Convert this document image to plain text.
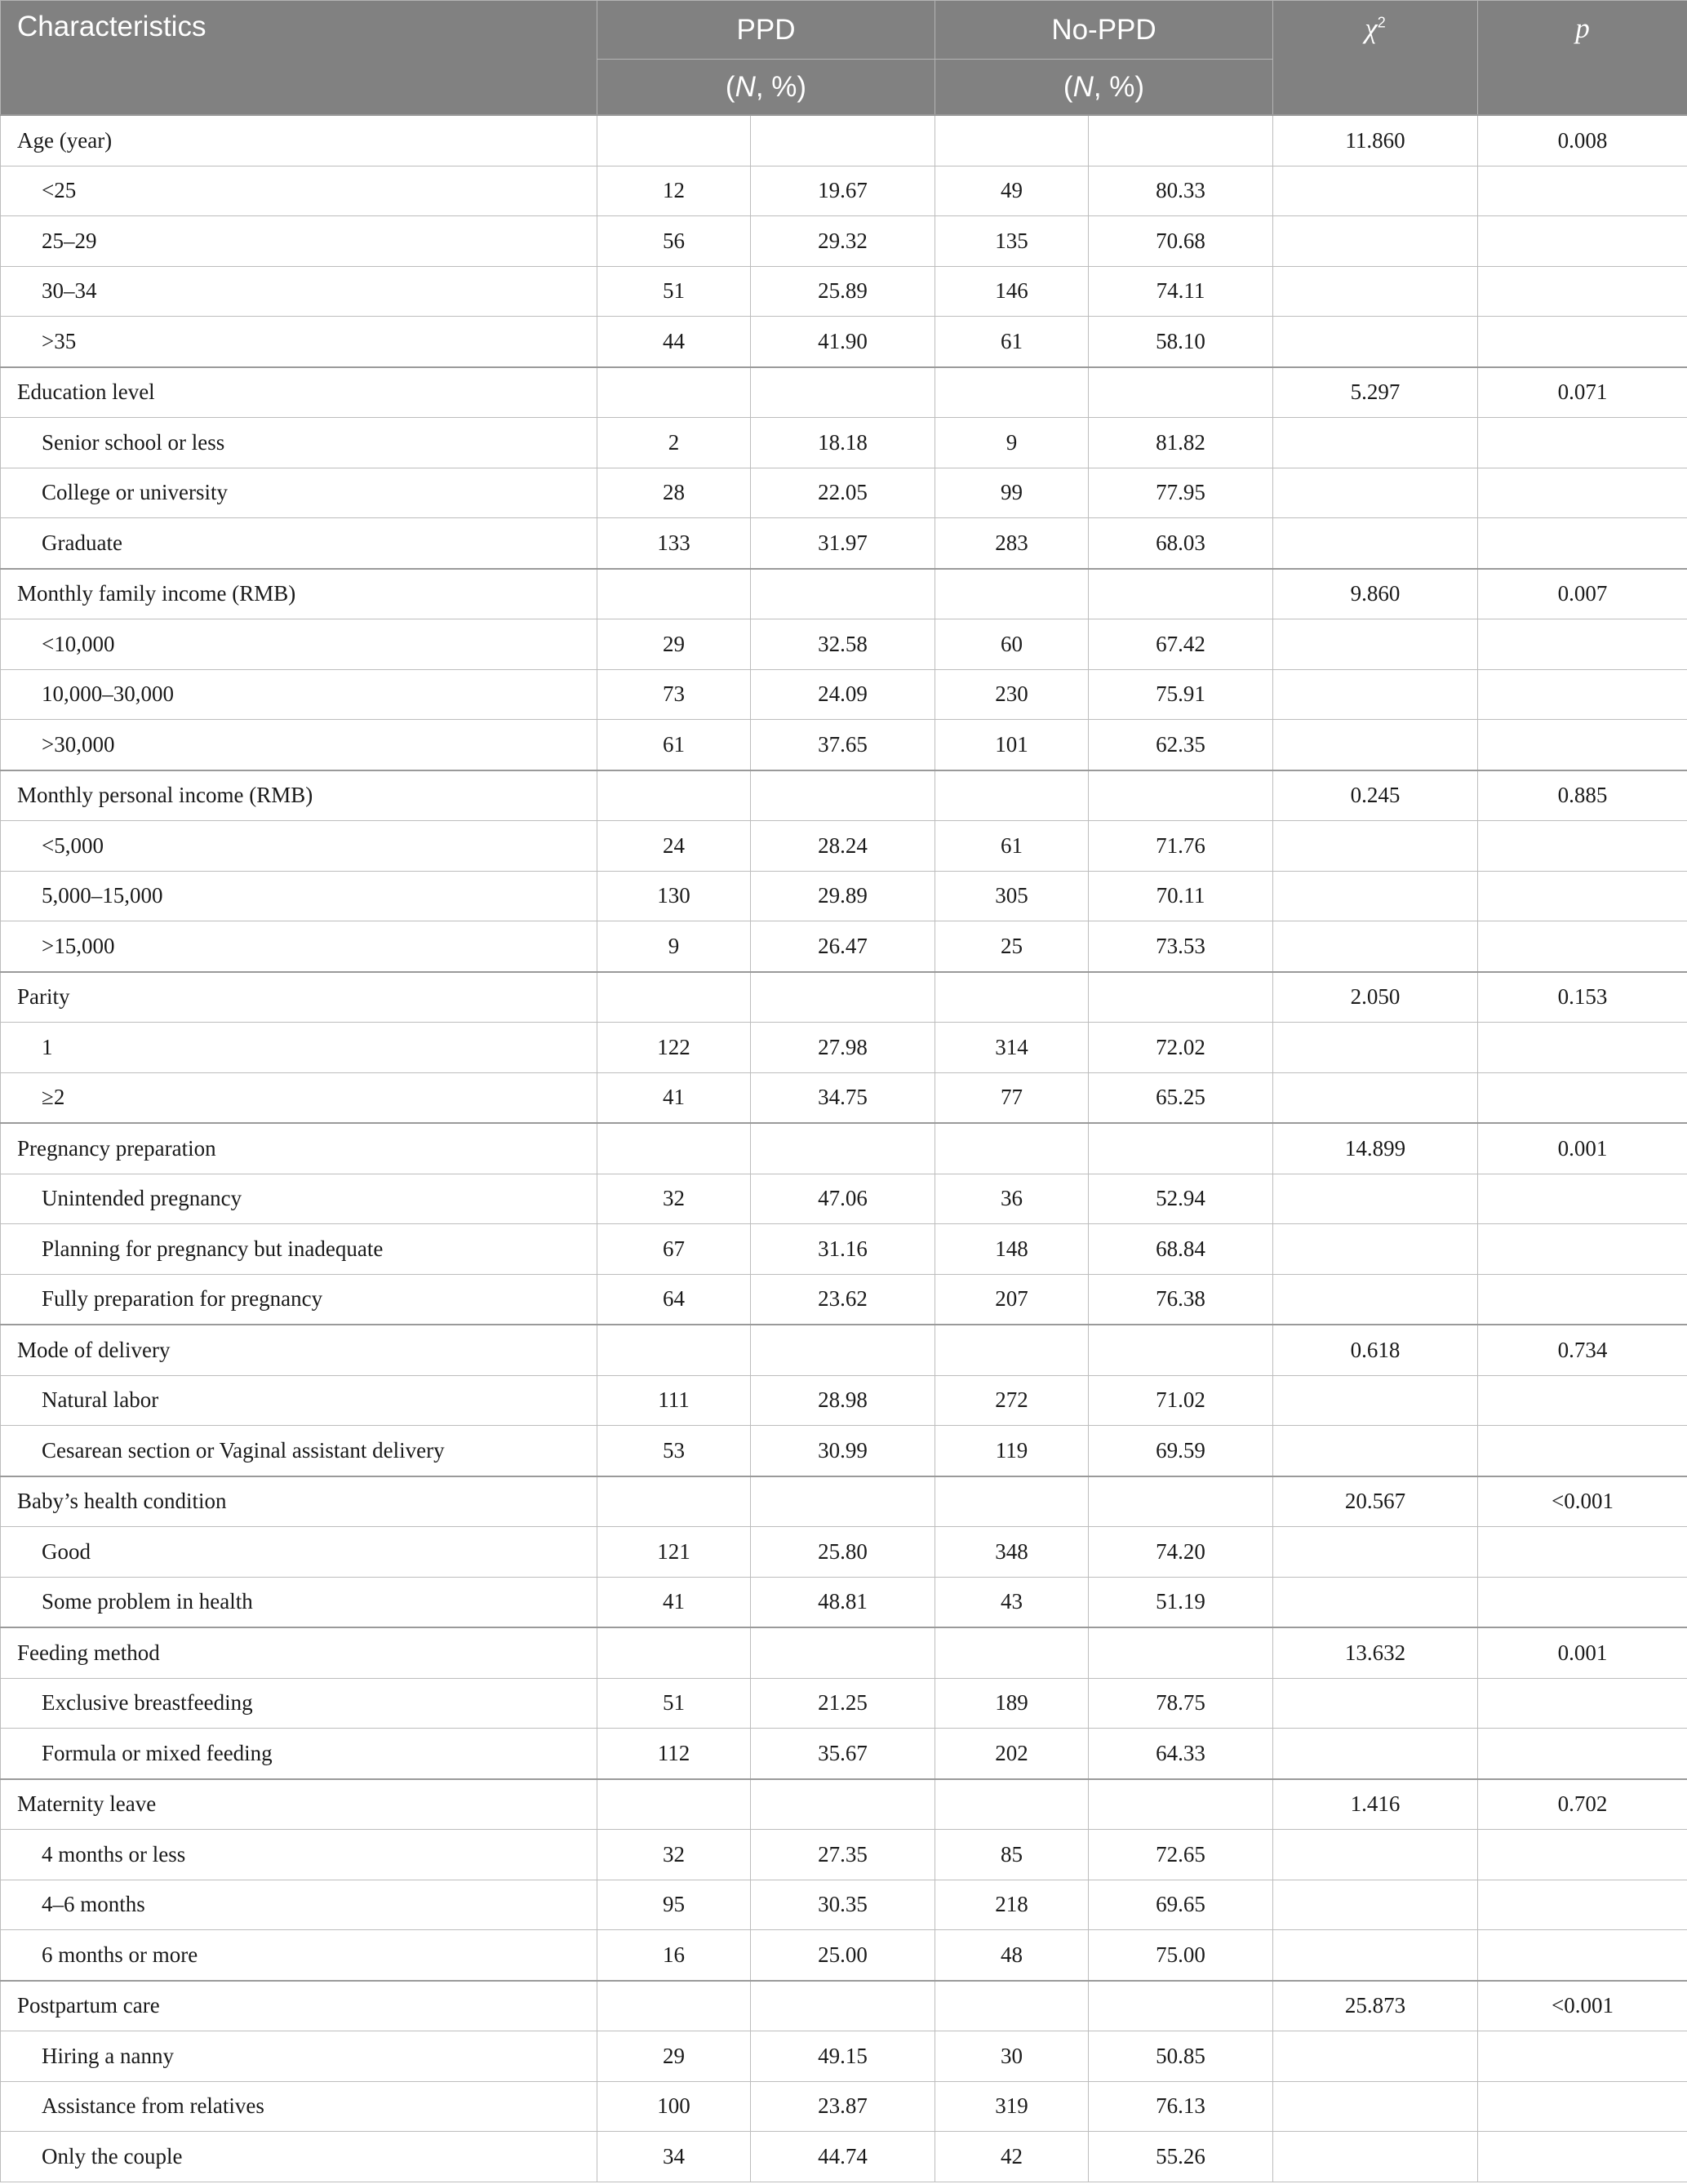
Characteristics	PPD		No-PPD		$\chi^2$	p
	(N, %)		(N, %)			
Age (year)					11.860	0.008
<25	12	19.67	49	80.33		
25–29	56	29.32	135	70.68		
30–34	51	25.89	146	74.11		
>35	44	41.90	61	58.10		
Education level					5.297	0.071
Senior school or less	2	18.18	9	81.82		
College or university	28	22.05	99	77.95		
Graduate	133	31.97	283	68.03		
Monthly family income (RMB)					9.860	0.007
<10,000	29	32.58	60	67.42		
10,000–30,000	73	24.09	230	75.91		
>30,000	61	37.65	101	62.35		
Monthly personal income (RMB)					0.245	0.885
<5,000	24	28.24	61	71.76		
5,000–15,000	130	29.89	305	70.11		
>15,000	9	26.47	25	73.53		
Parity					2.050	0.153
1	122	27.98	314	72.02		
≥2	41	34.75	77	65.25		
Pregnancy preparation					14.899	0.001
Unintended pregnancy	32	47.06	36	52.94		
Planning for pregnancy but inadequate	67	31.16	148	68.84		
Fully preparation for pregnancy	64	23.62	207	76.38		
Mode of delivery					0.618	0.734
Natural labor	111	28.98	272	71.02		
Cesarean section or Vaginal assistant delivery	53	30.99	119	69.59		
Baby’s health condition					20.567	<0.001
Good	121	25.80	348	74.20		
Some problem in health	41	48.81	43	51.19		
Feeding method					13.632	0.001
Exclusive breastfeeding	51	21.25	189	78.75		
Formula or mixed feeding	112	35.67	202	64.33		
Maternity leave					1.416	0.702
4 months or less	32	27.35	85	72.65		
4–6 months	95	30.35	218	69.65		
6 months or more	16	25.00	48	75.00		
Postpartum care					25.873	<0.001
Hiring a nanny	29	49.15	30	50.85		
Assistance from relatives	100	23.87	319	76.13		
Only the couple	34	44.74	42	55.26		
